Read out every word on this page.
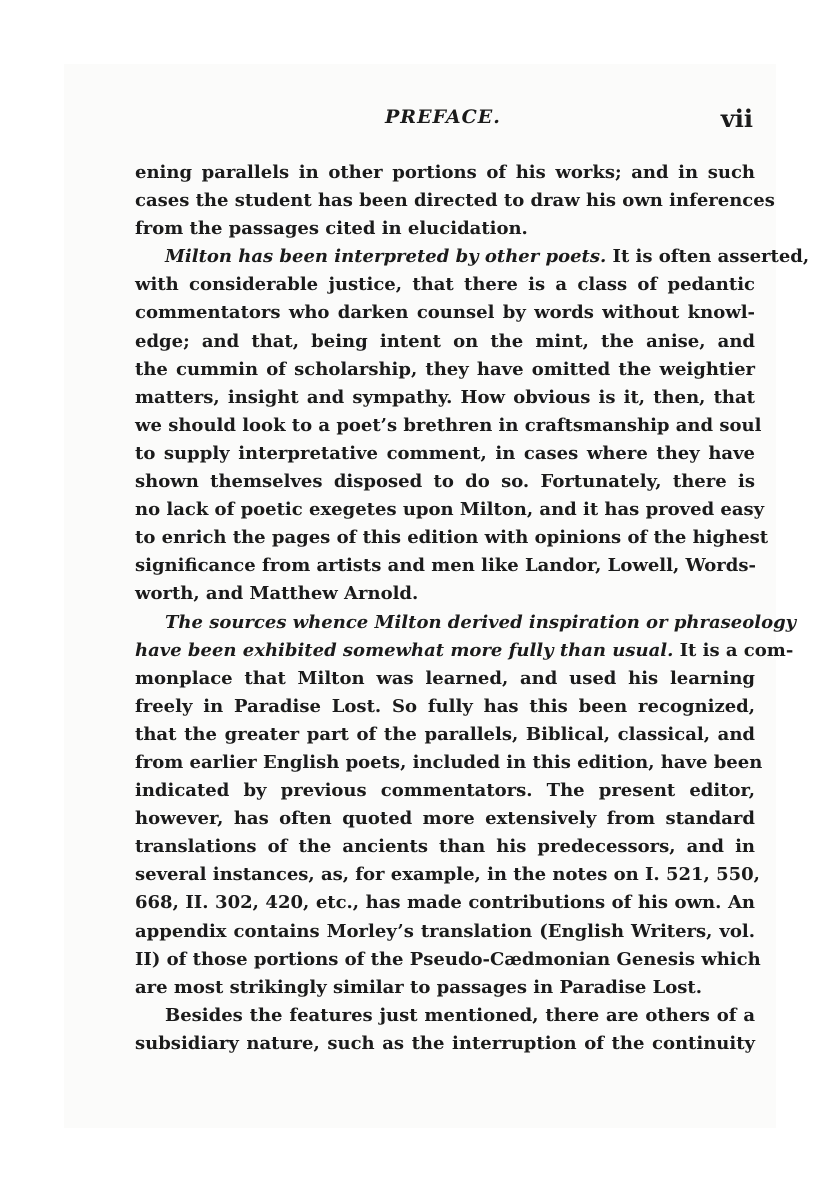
PREFACE.	vii
ening parallels in other portions of his works; and in such
cases the student has been directed to draw his own inferences
from the passages cited in elucidation.
Milton has been interpreted by other poets. It is often asserted,
with considerable justice, that there is a class of pedantic
commentators who darken counsel by words without knowl-
edge; and that, being intent on the mint, the anise, and
the cummin of scholarship, they have omitted the weightier
matters, insight and sympathy. How obvious is it, then, that
we should look to a poet’s brethren in craftsmanship and soul
to supply interpretative comment, in cases where they have
shown themselves disposed to do so. Fortunately, there is
no lack of poetic exegetes upon Milton, and it has proved easy
to enrich the pages of this edition with opinions of the highest
significance from artists and men like Landor, Lowell, Words-
worth, and Matthew Arnold.
The sources whence Milton derived inspiration or phraseology
have been exhibited somewhat more fully than usual. It is a com-
monplace that Milton was learned, and used his learning
freely in Paradise Lost. So fully has this been recognized,
that the greater part of the parallels, Biblical, classical, and
from earlier English poets, included in this edition, have been
indicated by previous commentators. The present editor,
however, has often quoted more extensively from standard
translations of the ancients than his predecessors, and in
several instances, as, for example, in the notes on I. 521, 550,
668, II. 302, 420, etc., has made contributions of his own. An
appendix contains Morley’s translation (English Writers, vol.
II) of those portions of the Pseudo-Cædmonian Genesis which
are most strikingly similar to passages in Paradise Lost.
Besides the features just mentioned, there are others of a
subsidiary nature, such as the interruption of the continuity
